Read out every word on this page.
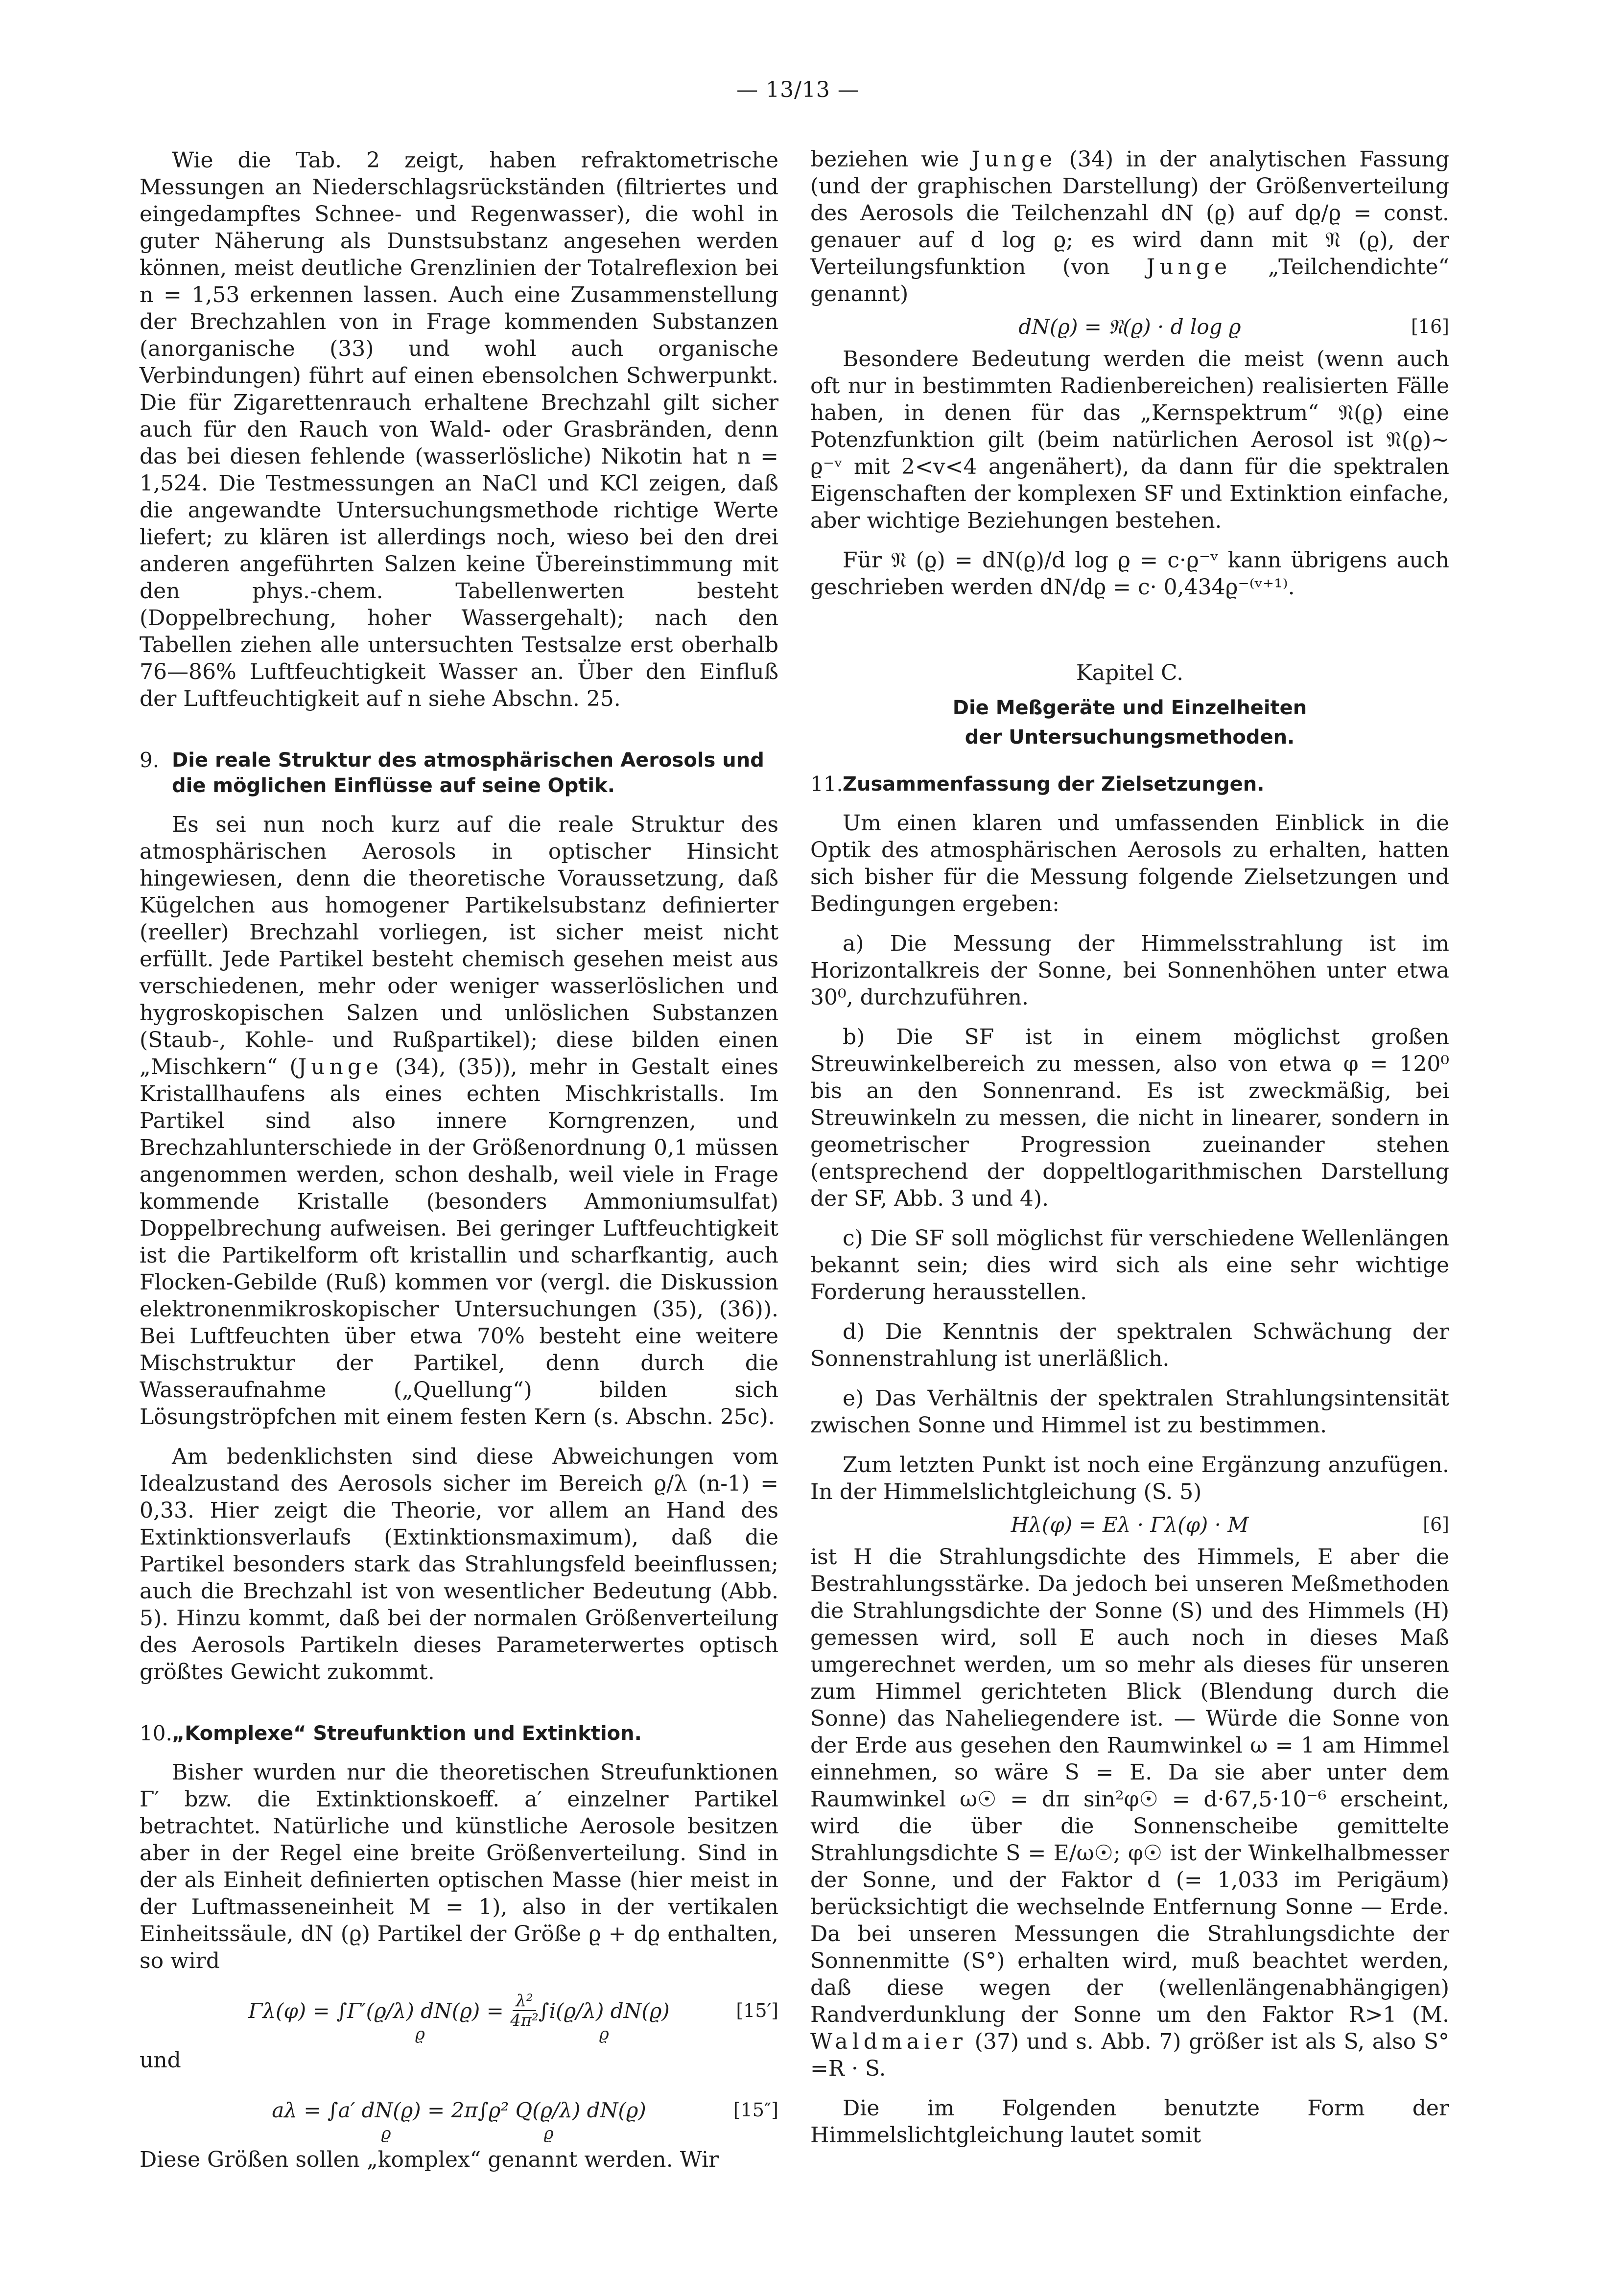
— 13/13 —

Wie die Tab. 2 zeigt, haben refraktometrische Messungen an Niederschlagsrückständen (filtriertes und eingedampftes Schnee- und Regenwasser), die wohl in guter Näherung als Dunstsubstanz angesehen werden können, meist deutliche Grenzlinien der Totalreflexion bei n = 1,53 erkennen lassen. Auch eine Zusammenstellung der Brechzahlen von in Frage kommenden Substanzen (anorganische (33) und wohl auch organische Verbindungen) führt auf einen ebensolchen Schwerpunkt. Die für Zigarettenrauch erhaltene Brechzahl gilt sicher auch für den Rauch von Wald- oder Grasbränden, denn das bei diesen fehlende (wasserlösliche) Nikotin hat n = 1,524. Die Testmessungen an NaCl und KCl zeigen, daß die angewandte Untersuchungsmethode richtige Werte liefert; zu klären ist allerdings noch, wieso bei den drei anderen angeführten Salzen keine Übereinstimmung mit den phys.-chem. Tabellenwerten besteht (Doppelbrechung, hoher Wassergehalt); nach den Tabellen ziehen alle untersuchten Testsalze erst oberhalb 76—86% Luftfeuchtigkeit Wasser an. Über den Einfluß der Luftfeuchtigkeit auf n siehe Abschn. 25.

9. Die reale Struktur des atmosphärischen Aerosols und die möglichen Einflüsse auf seine Optik.

Es sei nun noch kurz auf die reale Struktur des atmosphärischen Aerosols in optischer Hinsicht hingewiesen, denn die theoretische Voraussetzung, daß Kügelchen aus homogener Partikelsubstanz definierter (reeller) Brechzahl vorliegen, ist sicher meist nicht erfüllt. Jede Partikel besteht chemisch gesehen meist aus verschiedenen, mehr oder weniger wasserlöslichen und hygroskopischen Salzen und unlöslichen Substanzen (Staub-, Kohle- und Rußpartikel); diese bilden einen „Mischkern“ (Junge (34), (35)), mehr in Gestalt eines Kristallhaufens als eines echten Mischkristalls. Im Partikel sind also innere Korngrenzen, und Brechzahlunterschiede in der Größenordnung 0,1 müssen angenommen werden, schon deshalb, weil viele in Frage kommende Kristalle (besonders Ammoniumsulfat) Doppelbrechung aufweisen. Bei geringer Luftfeuchtigkeit ist die Partikelform oft kristallin und scharfkantig, auch Flocken-Gebilde (Ruß) kommen vor (vergl. die Diskussion elektronenmikroskopischer Untersuchungen (35), (36)). Bei Luftfeuchten über etwa 70% besteht eine weitere Mischstruktur der Partikel, denn durch die Wasseraufnahme („Quellung“) bilden sich Lösungströpfchen mit einem festen Kern (s. Abschn. 25c).

Am bedenklichsten sind diese Abweichungen vom Idealzustand des Aerosols sicher im Bereich ϱ/λ (n-1) = 0,33. Hier zeigt die Theorie, vor allem an Hand des Extinktionsverlaufs (Extinktionsmaximum), daß die Partikel besonders stark das Strahlungsfeld beeinflussen; auch die Brechzahl ist von wesentlicher Bedeutung (Abb. 5). Hinzu kommt, daß bei der normalen Größenverteilung des Aerosols Partikeln dieses Parameterwertes optisch größtes Gewicht zukommt.

10. „Komplexe“ Streufunktion und Extinktion.

Bisher wurden nur die theoretischen Streufunktionen Γ′ bzw. die Extinktionskoeff. a′ einzelner Partikel betrachtet. Natürliche und künstliche Aerosole besitzen aber in der Regel eine breite Größenverteilung. Sind in der als Einheit definierten optischen Masse (hier meist in der Luftmasseneinheit M = 1), also in der vertikalen Einheitssäule, dN (ϱ) Partikel der Größe ϱ + dϱ enthalten, so wird

Γλ(φ) =
∫Γ′(ϱ/λ) dN(ϱ) =
ϱ

$\frac{\text{λ²}}{\text{4π²}} \int i(ϱ/\lambda)$ dN(ϱ)
ϱ
[15′]

und

aλ =
∫a′ dN(ϱ) =
ϱ

2π∫ϱ² Q(ϱ/λ) dN(ϱ)
ϱ
[15″]

Diese Größen sollen „komplex“ genannt werden. Wir

beziehen wie Junge (34) in der analytischen Fassung (und der graphischen Darstellung) der Größenverteilung des Aerosols die Teilchenzahl dN (ϱ) auf dϱ/ϱ = const. genauer auf d log ϱ; es wird dann mit 𝔑 (ϱ), der Verteilungsfunktion (von Junge „Teilchendichte“ genannt)

dN(ϱ) = 𝔑(ϱ) · d log ϱ	[16]

Besondere Bedeutung werden die meist (wenn auch oft nur in bestimmten Radienbereichen) realisierten Fälle haben, in denen für das „Kernspektrum“ 𝔑(ϱ) eine Potenzfunktion gilt (beim natürlichen Aerosol ist 𝔑(ϱ)~ ϱ⁻ᵛ mit 2<v<4 angenähert), da dann für die spektralen Eigenschaften der komplexen SF und Extinktion einfache, aber wichtige Beziehungen bestehen.

Für 𝔑 (ϱ) = dN(ϱ)/d log ϱ = c·ϱ⁻ᵛ kann übrigens auch geschrieben werden dN/dϱ = c· 0,434ϱ⁻⁽ᵛ⁺¹⁾.

Kapitel C.

Die Meßgeräte und Einzelheiten
der Untersuchungsmethoden.
11. Zusammenfassung der Zielsetzungen.

Um einen klaren und umfassenden Einblick in die Optik des atmosphärischen Aerosols zu erhalten, hatten sich bisher für die Messung folgende Zielsetzungen und Bedingungen ergeben:

a) Die Messung der Himmelsstrahlung ist im Horizontalkreis der Sonne, bei Sonnenhöhen unter etwa 30⁰, durchzuführen.

b) Die SF ist in einem möglichst großen Streuwinkelbereich zu messen, also von etwa φ = 120⁰ bis an den Sonnenrand. Es ist zweckmäßig, bei Streuwinkeln zu messen, die nicht in linearer, sondern in geometrischer Progression zueinander stehen (entsprechend der doppeltlogarithmischen Darstellung der SF, Abb. 3 und 4).

c) Die SF soll möglichst für verschiedene Wellenlängen bekannt sein; dies wird sich als eine sehr wichtige Forderung herausstellen.

d) Die Kenntnis der spektralen Schwächung der Sonnenstrahlung ist unerläßlich.

e) Das Verhältnis der spektralen Strahlungsintensität zwischen Sonne und Himmel ist zu bestimmen.

Zum letzten Punkt ist noch eine Ergänzung anzufügen. In der Himmelslichtgleichung (S. 5)

Hλ(φ) = Eλ · Γλ(φ) · M	[6]

ist H die Strahlungsdichte des Himmels, E aber die Bestrahlungsstärke. Da jedoch bei unseren Meßmethoden die Strahlungsdichte der Sonne (S) und des Himmels (H) gemessen wird, soll E auch noch in dieses Maß umgerechnet werden, um so mehr als dieses für unseren zum Himmel gerichteten Blick (Blendung durch die Sonne) das Naheliegendere ist. — Würde die Sonne von der Erde aus gesehen den Raumwinkel ω = 1 am Himmel einnehmen, so wäre S = E. Da sie aber unter dem Raumwinkel ω☉ = dπ sin²φ☉ = d·67,5·10⁻⁶ erscheint, wird die über die Sonnenscheibe gemittelte Strahlungsdichte S = E/ω☉; φ☉ ist der Winkelhalbmesser der Sonne, und der Faktor d (= 1,033 im Perigäum) berücksichtigt die wechselnde Entfernung Sonne — Erde. Da bei unseren Messungen die Strahlungsdichte der Sonnenmitte (S°) erhalten wird, muß beachtet werden, daß diese wegen der (wellenlängenabhängigen) Randverdunklung der Sonne um den Faktor R>1 (M. Waldmaier (37) und s. Abb. 7) größer ist als S, also S° =R · S.

Die im Folgenden benutzte Form der Himmelslichtgleichung lautet somit
